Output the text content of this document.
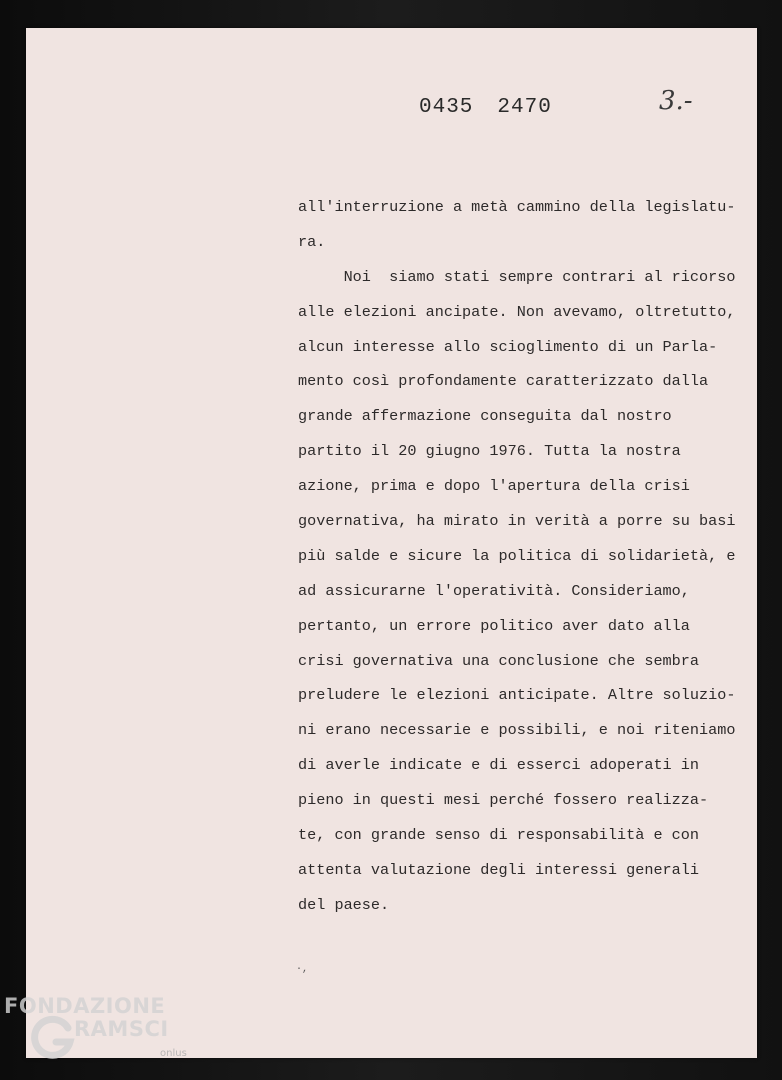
0435 2470	3.-
all'interruzione a metà cammino della legislatu-
ra.
Noi  siamo stati sempre contrari al ricorso
alle elezioni ancipate. Non avevamo, oltretutto,
alcun interesse allo scioglimento di un Parla-
mento così profondamente caratterizzato dalla
grande affermazione conseguita dal nostro
partito il 20 giugno 1976. Tutta la nostra
azione, prima e dopo l'apertura della crisi
governativa, ha mirato in verità a porre su basi
più salde e sicure la politica di solidarietà, e
ad assicurarne l'operatività. Consideriamo,
pertanto, un errore politico aver dato alla
crisi governativa una conclusione che sembra
preludere le elezioni anticipate. Altre soluzio-
ni erano necessarie e possibili, e noi riteniamo
di averle indicate e di esserci adoperati in
pieno in questi mesi perché fossero realizza-
te, con grande senso di responsabilità e con
attenta valutazione degli interessi generali
del paese.
·,
FONDAZIONE
RAMSCI
onlus
